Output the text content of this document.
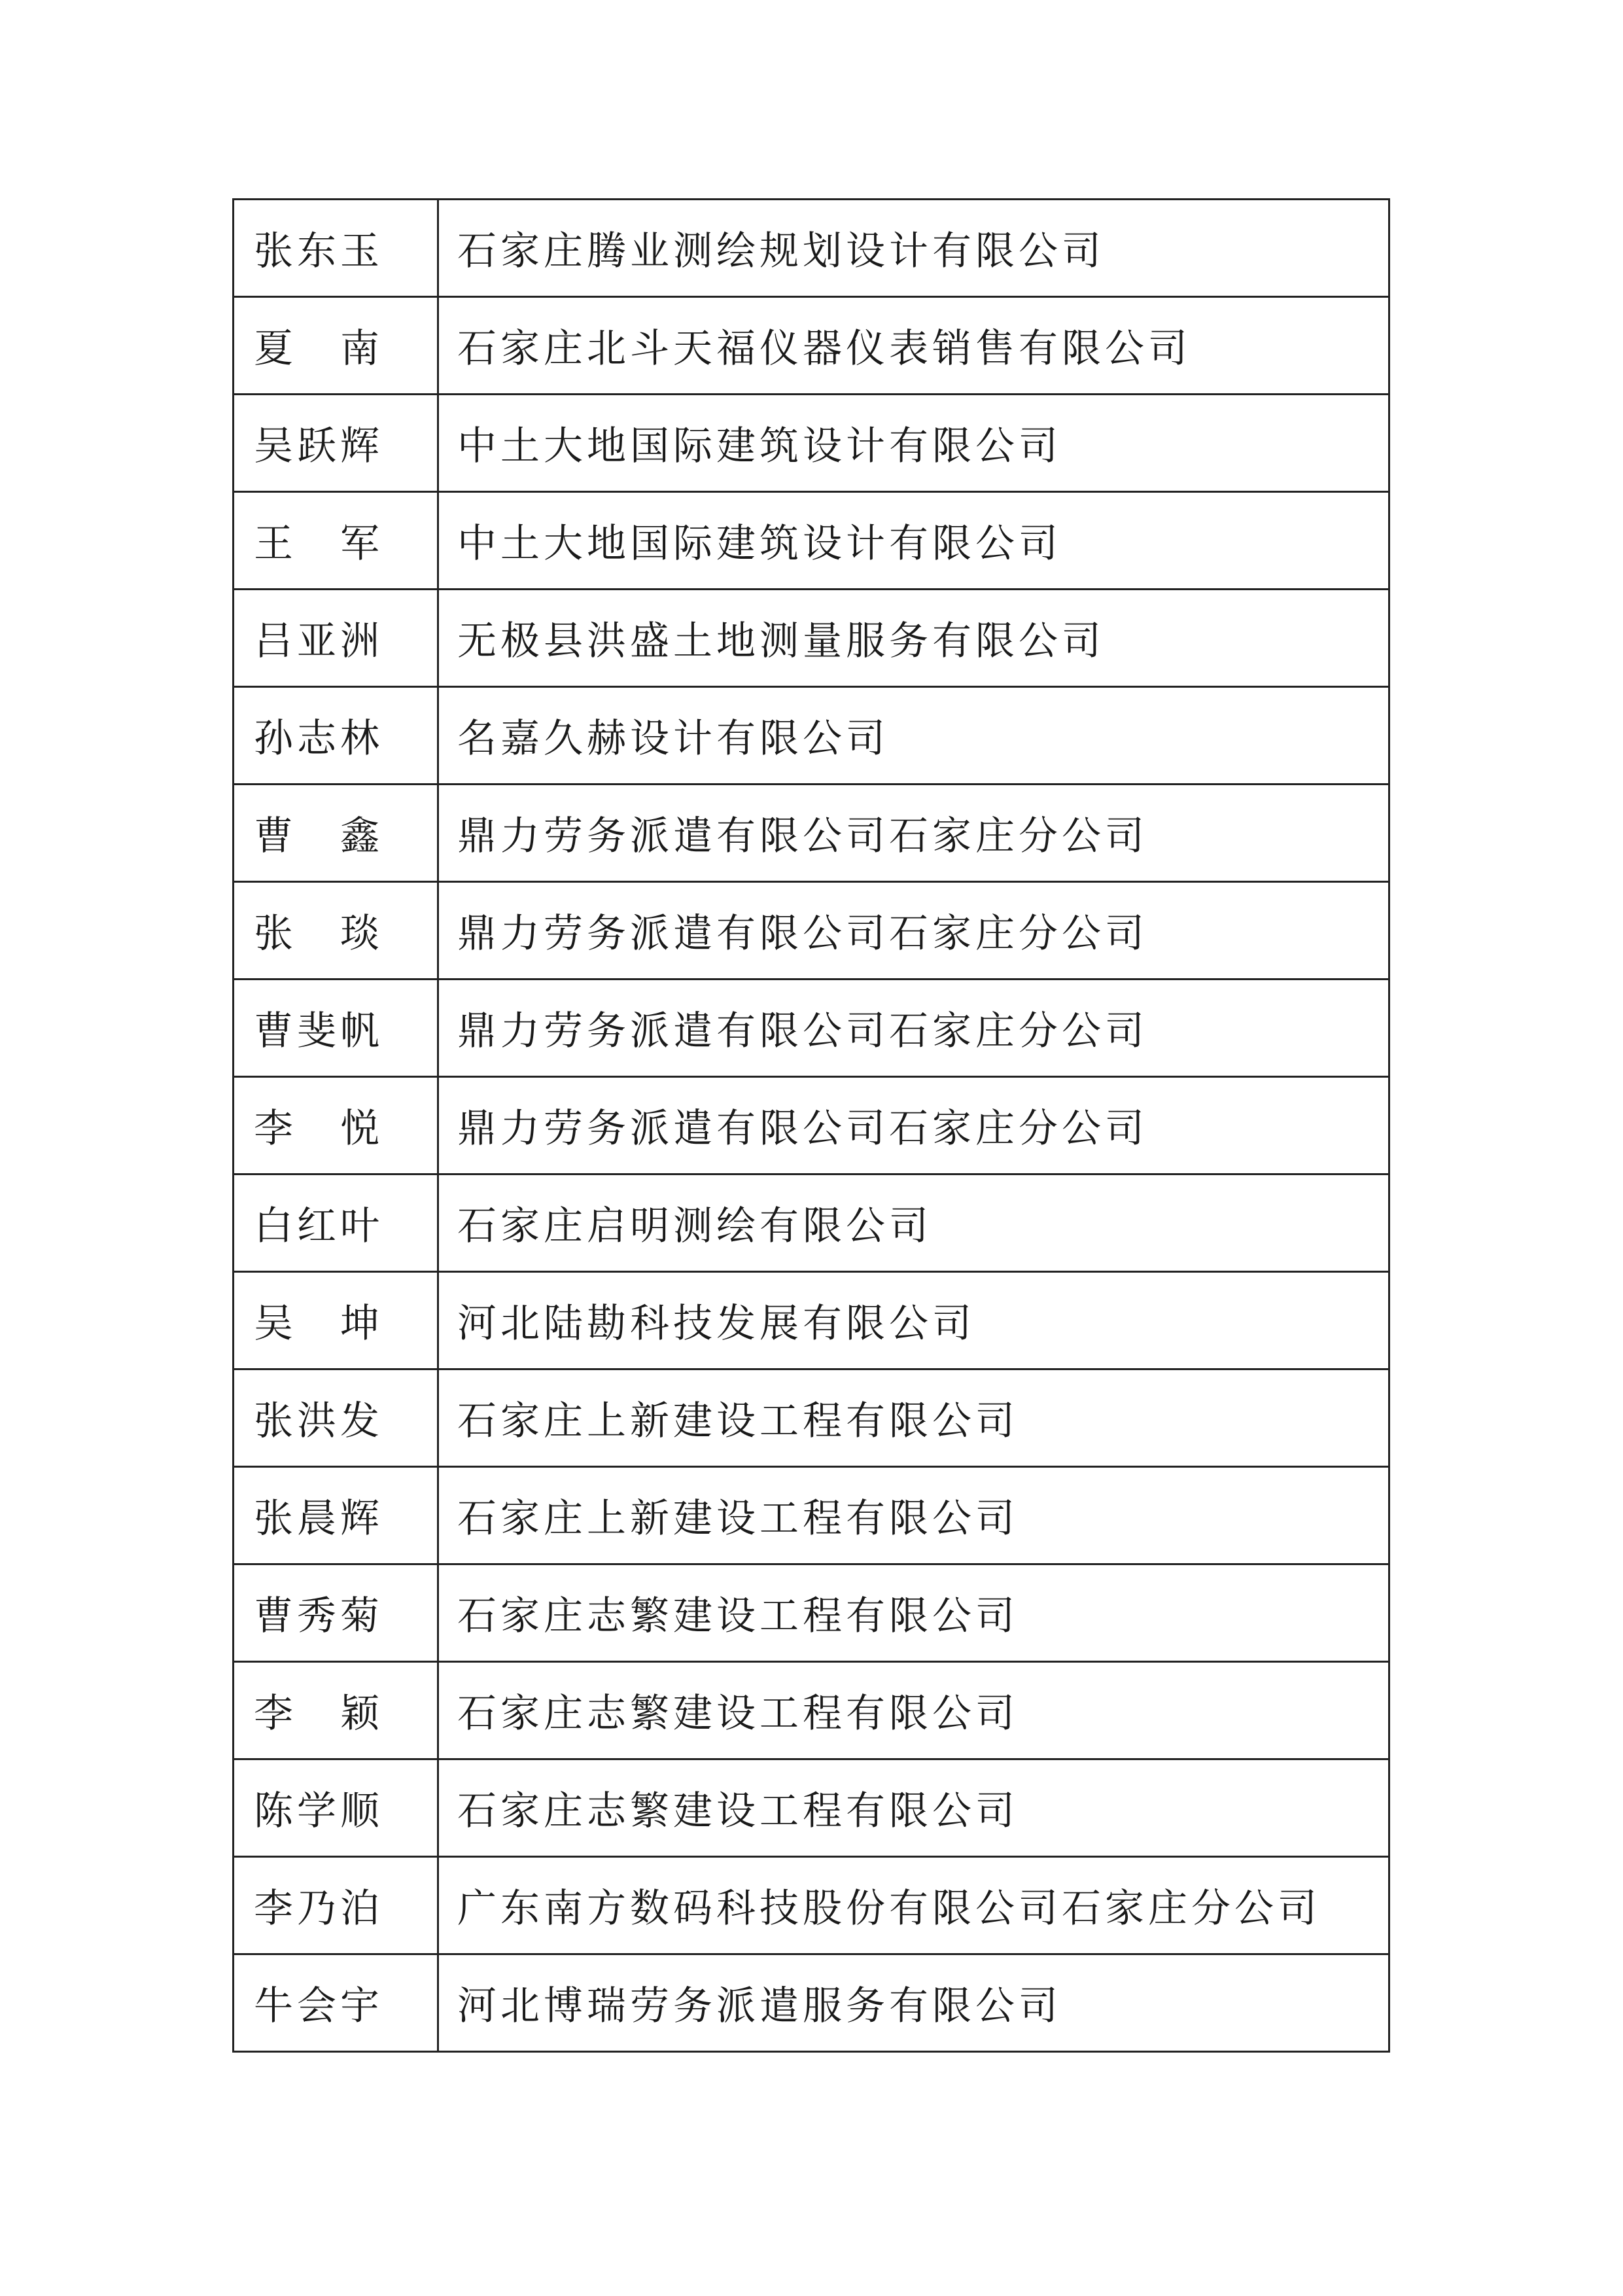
张东玉	石家庄腾业测绘规划设计有限公司
夏　南	石家庄北斗天福仪器仪表销售有限公司
吴跃辉	中土大地国际建筑设计有限公司
王　军	中土大地国际建筑设计有限公司
吕亚洲	无极县洪盛土地测量服务有限公司
孙志林	名嘉久赫设计有限公司
曹　鑫	鼎力劳务派遣有限公司石家庄分公司
张　琰	鼎力劳务派遣有限公司石家庄分公司
曹斐帆	鼎力劳务派遣有限公司石家庄分公司
李　悦	鼎力劳务派遣有限公司石家庄分公司
白红叶	石家庄启明测绘有限公司
吴　坤	河北陆勘科技发展有限公司
张洪发	石家庄上新建设工程有限公司
张晨辉	石家庄上新建设工程有限公司
曹秀菊	石家庄志繁建设工程有限公司
李　颖	石家庄志繁建设工程有限公司
陈学顺	石家庄志繁建设工程有限公司
李乃泊	广东南方数码科技股份有限公司石家庄分公司
牛会宇	河北博瑞劳务派遣服务有限公司
